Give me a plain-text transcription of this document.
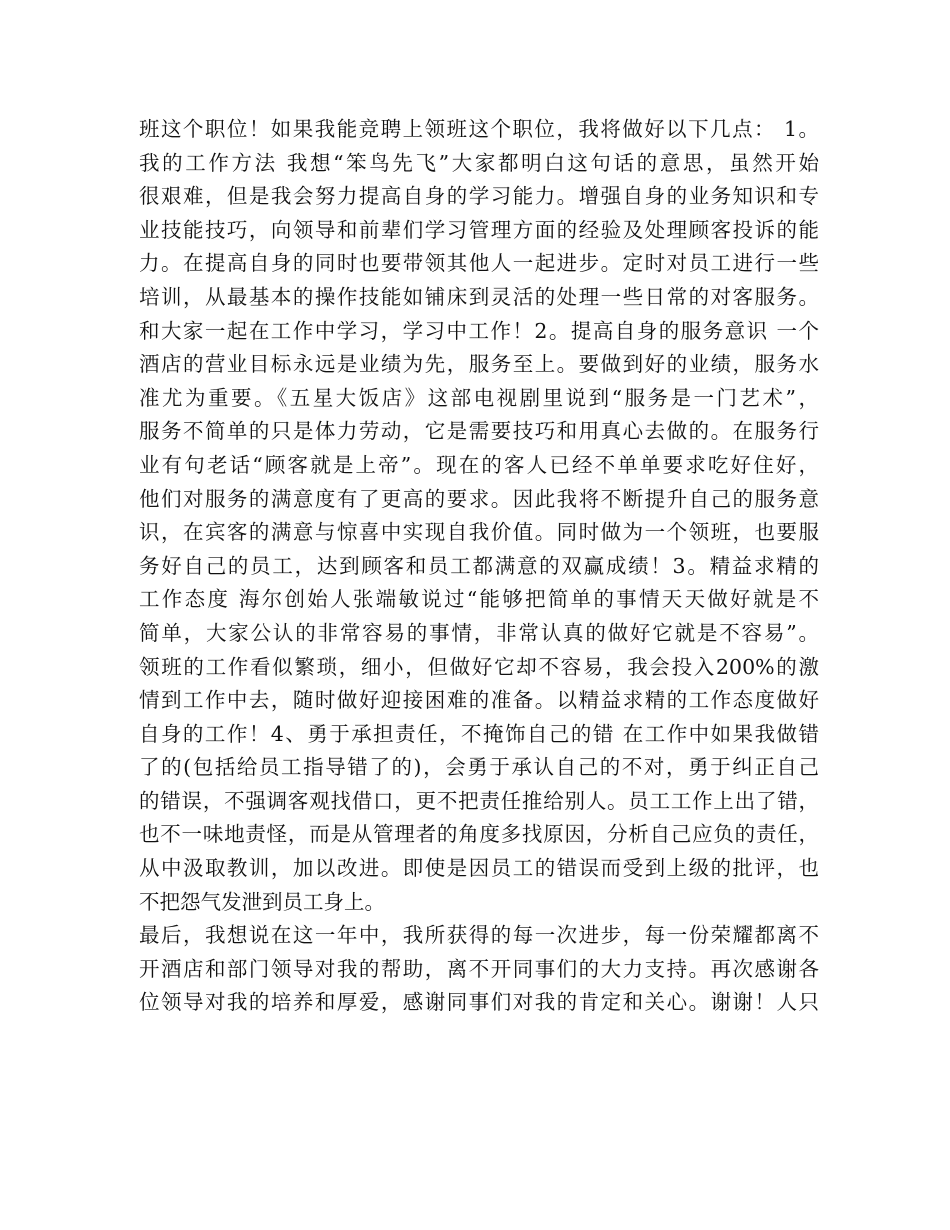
班这个职位！如果我能竞聘上领班这个职位，我将做好以下几点： 1。
我的工作方法 我想“笨鸟先飞”大家都明白这句话的意思，虽然开始
很艰难，但是我会努力提高自身的学习能力。增强自身的业务知识和专
业技能技巧，向领导和前辈们学习管理方面的经验及处理顾客投诉的能
力。在提高自身的同时也要带领其他人一起进步。定时对员工进行一些
培训，从最基本的操作技能如铺床到灵活的处理一些日常的对客服务。
和大家一起在工作中学习，学习中工作！2。提高自身的服务意识 一个
酒店的营业目标永远是业绩为先，服务至上。要做到好的业绩，服务水
准尤为重要。《五星大饭店》这部电视剧里说到“服务是一门艺术”，
服务不简单的只是体力劳动，它是需要技巧和用真心去做的。在服务行
业有句老话“顾客就是上帝”。现在的客人已经不单单要求吃好住好，
他们对服务的满意度有了更高的要求。因此我将不断提升自己的服务意
识，在宾客的满意与惊喜中实现自我价值。同时做为一个领班，也要服
务好自己的员工，达到顾客和员工都满意的双赢成绩！3。精益求精的
工作态度 海尔创始人张端敏说过“能够把简单的事情天天做好就是不
简单，大家公认的非常容易的事情，非常认真的做好它就是不容易”。
领班的工作看似繁琐，细小，但做好它却不容易，我会投入200%的激
情到工作中去，随时做好迎接困难的准备。以精益求精的工作态度做好
自身的工作！4、勇于承担责任，不掩饰自己的错 在工作中如果我做错
了的(包括给员工指导错了的)，会勇于承认自己的不对，勇于纠正自己
的错误，不强调客观找借口，更不把责任推给别人。员工工作上出了错，
也不一味地责怪，而是从管理者的角度多找原因，分析自己应负的责任，
从中汲取教训，加以改进。即使是因员工的错误而受到上级的批评，也
不把怨气发泄到员工身上。
最后，我想说在这一年中，我所获得的每一次进步，每一份荣耀都离不
开酒店和部门领导对我的帮助，离不开同事们的大力支持。再次感谢各
位领导对我的培养和厚爱，感谢同事们对我的肯定和关心。谢谢！人只
